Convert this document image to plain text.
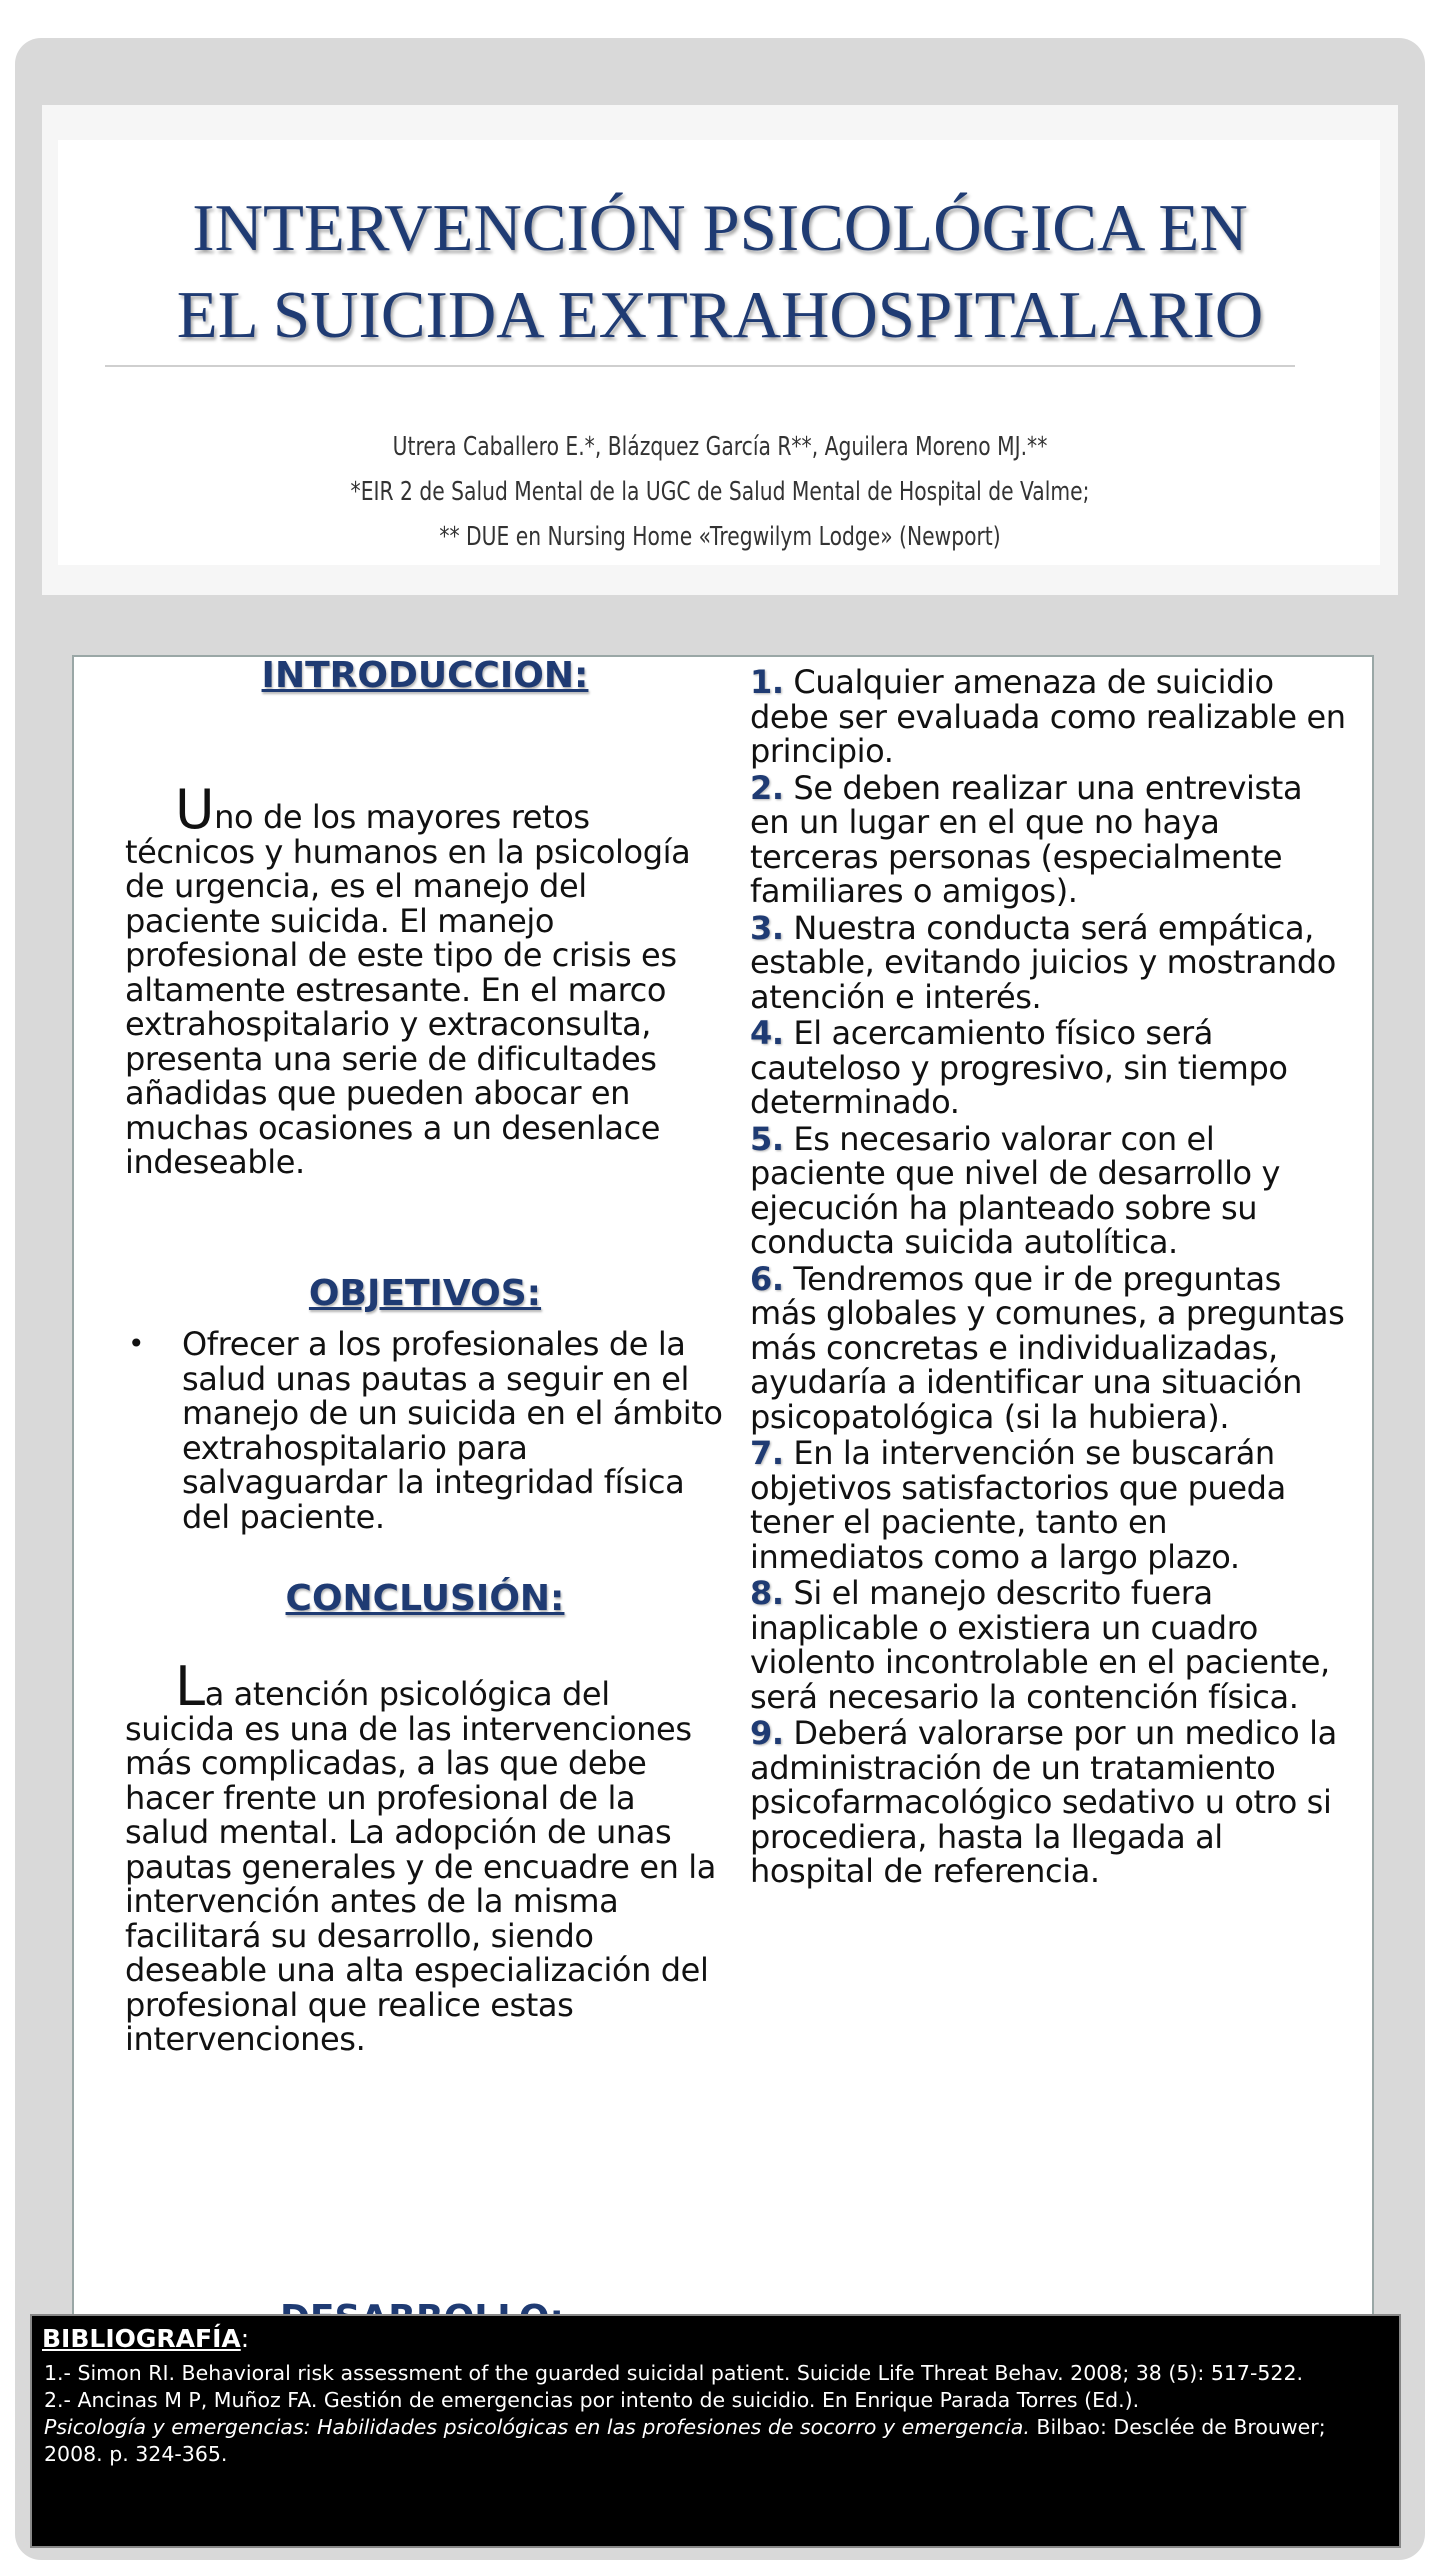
INTERVENCIÓN PSICOLÓGICA EN
EL SUICIDA EXTRAHOSPITALARIO
Utrera Caballero E.*, Blázquez García R**, Aguilera Moreno MJ.**
*EIR 2 de Salud Mental de la UGC de Salud Mental de Hospital de Valme;
** DUE en Nursing Home «Tregwilym Lodge» (Newport)
INTRODUCCION:
Uno de los mayores retos técnicos y humanos en la psicología de urgencia, es el manejo del paciente suicida. El manejo profesional de este tipo de crisis es altamente estresante. En el marco extrahospitalario y extraconsulta, presenta una serie de dificultades añadidas que pueden abocar en muchas ocasiones a un desenlace indeseable.
OBJETIVOS:
• Ofrecer a los profesionales de la salud unas pautas a seguir en el manejo de un suicida en el ámbito extrahospitalario para salvaguardar la integridad física del paciente.
CONCLUSIÓN:
La atención psicológica del suicida es una de las intervenciones más complicadas, a las que debe hacer frente un profesional de la salud mental. La adopción de unas pautas generales y de encuadre en la intervención antes de la misma facilitará su desarrollo, siendo deseable una alta especialización del profesional que realice estas intervenciones.
1. Cualquier amenaza de suicidio debe ser evaluada como realizable en principio.
2. Se deben realizar una entrevista en un lugar en el que no haya terceras personas (especialmente familiares o amigos).
3. Nuestra conducta será empática, estable, evitando juicios y mostrando atención e interés.
4. El acercamiento físico será cauteloso y progresivo, sin tiempo determinado.
5. Es necesario valorar con el paciente que nivel de desarrollo y ejecución ha planteado sobre su conducta suicida autolítica.
6. Tendremos que ir de preguntas más globales y comunes, a preguntas más concretas e individualizadas, ayudaría a identificar una situación psicopatológica (si la hubiera).
7. En la intervención se buscarán objetivos satisfactorios que pueda tener el paciente, tanto en inmediatos como a largo plazo.
8. Si el manejo descrito fuera inaplicable o existiera un cuadro violento incontrolable en el paciente, será necesario la contención física.
9. Deberá valorarse por un medico la administración de un tratamiento psicofarmacológico sedativo u otro si procediera, hasta la llegada al hospital de referencia.
BIBLIOGRAFÍA:

1.- Simon RI. Behavioral risk assessment of the guarded suicidal patient. Suicide Life Threat Behav. 2008; 38 (5): 517-522.

2.- Ancinas M P, Muñoz FA. Gestión de emergencias por intento de suicidio. En Enrique Parada Torres (Ed.).
Psicología y emergencias: Habilidades psicológicas en las profesiones de socorro y emergencia. Bilbao: Desclée de Brouwer; 2008. p. 324-365.
